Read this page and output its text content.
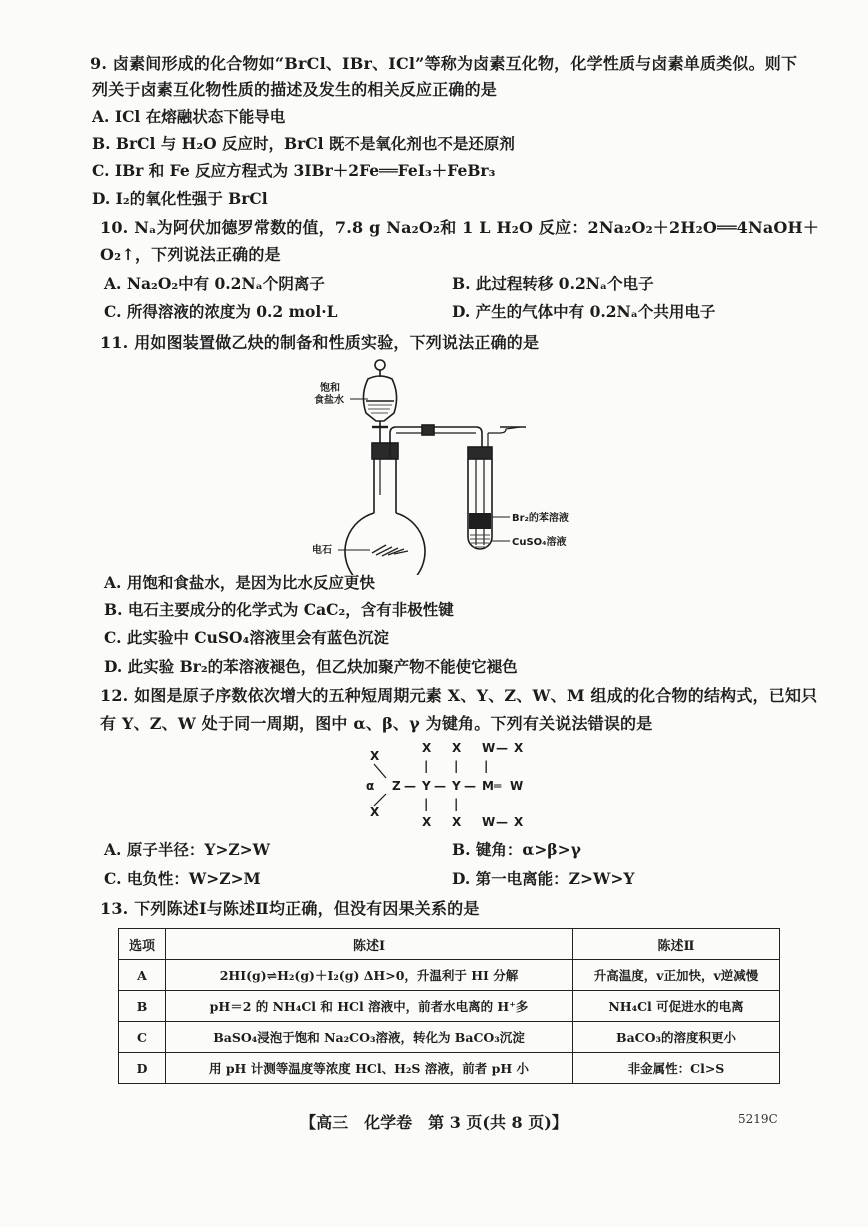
9. 卤素间形成的化合物如“BrCl、IBr、ICl”等称为卤素互化物，化学性质与卤素单质类似。则下
列关于卤素互化物性质的描述及发生的相关反应正确的是
A. ICl 在熔融状态下能导电
B. BrCl 与 H₂O 反应时，BrCl 既不是氧化剂也不是还原剂
C. IBr 和 Fe 反应方程式为 3IBr＋2Fe══FeI₃＋FeBr₃
D. I₂的氧化性强于 BrCl
10. Nₐ为阿伏加德罗常数的值，7.8 g Na₂O₂和 1 L H₂O 反应：2Na₂O₂＋2H₂O══4NaOH＋
O₂↑，下列说法正确的是
A. Na₂O₂中有 0.2Nₐ个阴离子	B. 此过程转移 0.2Nₐ个电子
C. 所得溶液的浓度为 0.2 mol·L	D. 产生的气体中有 0.2Nₐ个共用电子
11. 用如图装置做乙炔的制备和性质实验，下列说法正确的是
饱和
食盐水
电石
Br₂的苯溶液
CuSO₄溶液
A. 用饱和食盐水，是因为比水反应更快
B. 电石主要成分的化学式为 CaC₂，含有非极性键
C. 此实验中 CuSO₄溶液里会有蓝色沉淀
D. 此实验 Br₂的苯溶液褪色，但乙炔加聚产物不能使它褪色
12. 如图是原子序数依次增大的五种短周期元素 X、Y、Z、W、M 组成的化合物的结构式，已知只
有 Y、Z、W 处于同一周期，图中 α、β、γ 为键角。下列有关说法错误的是
X
X
α Z — Y — Y — M ═ W
X X
| |
| |
X X
W — X
|
W — X
A. 原子半径：Y>Z>W	B. 键角：α>β>γ
C. 电负性：W>Z>M	D. 第一电离能：Z>W>Y
13. 下列陈述Ⅰ与陈述Ⅱ均正确，但没有因果关系的是
选项	陈述Ⅰ	陈述Ⅱ
A	2HI(g)⇌H₂(g)＋I₂(g) ΔH>0，升温利于 HI 分解	升高温度，v正加快，v逆减慢
B	pH＝2 的 NH₄Cl 和 HCl 溶液中，前者水电离的 H⁺多	NH₄Cl 可促进水的电离
C	BaSO₄浸泡于饱和 Na₂CO₃溶液，转化为 BaCO₃沉淀	BaCO₃的溶度积更小
D	用 pH 计测等温度等浓度 HCl、H₂S 溶液，前者 pH 小	非金属性：Cl>S
【高三　化学卷　第 3 页(共 8 页)】	5219C
